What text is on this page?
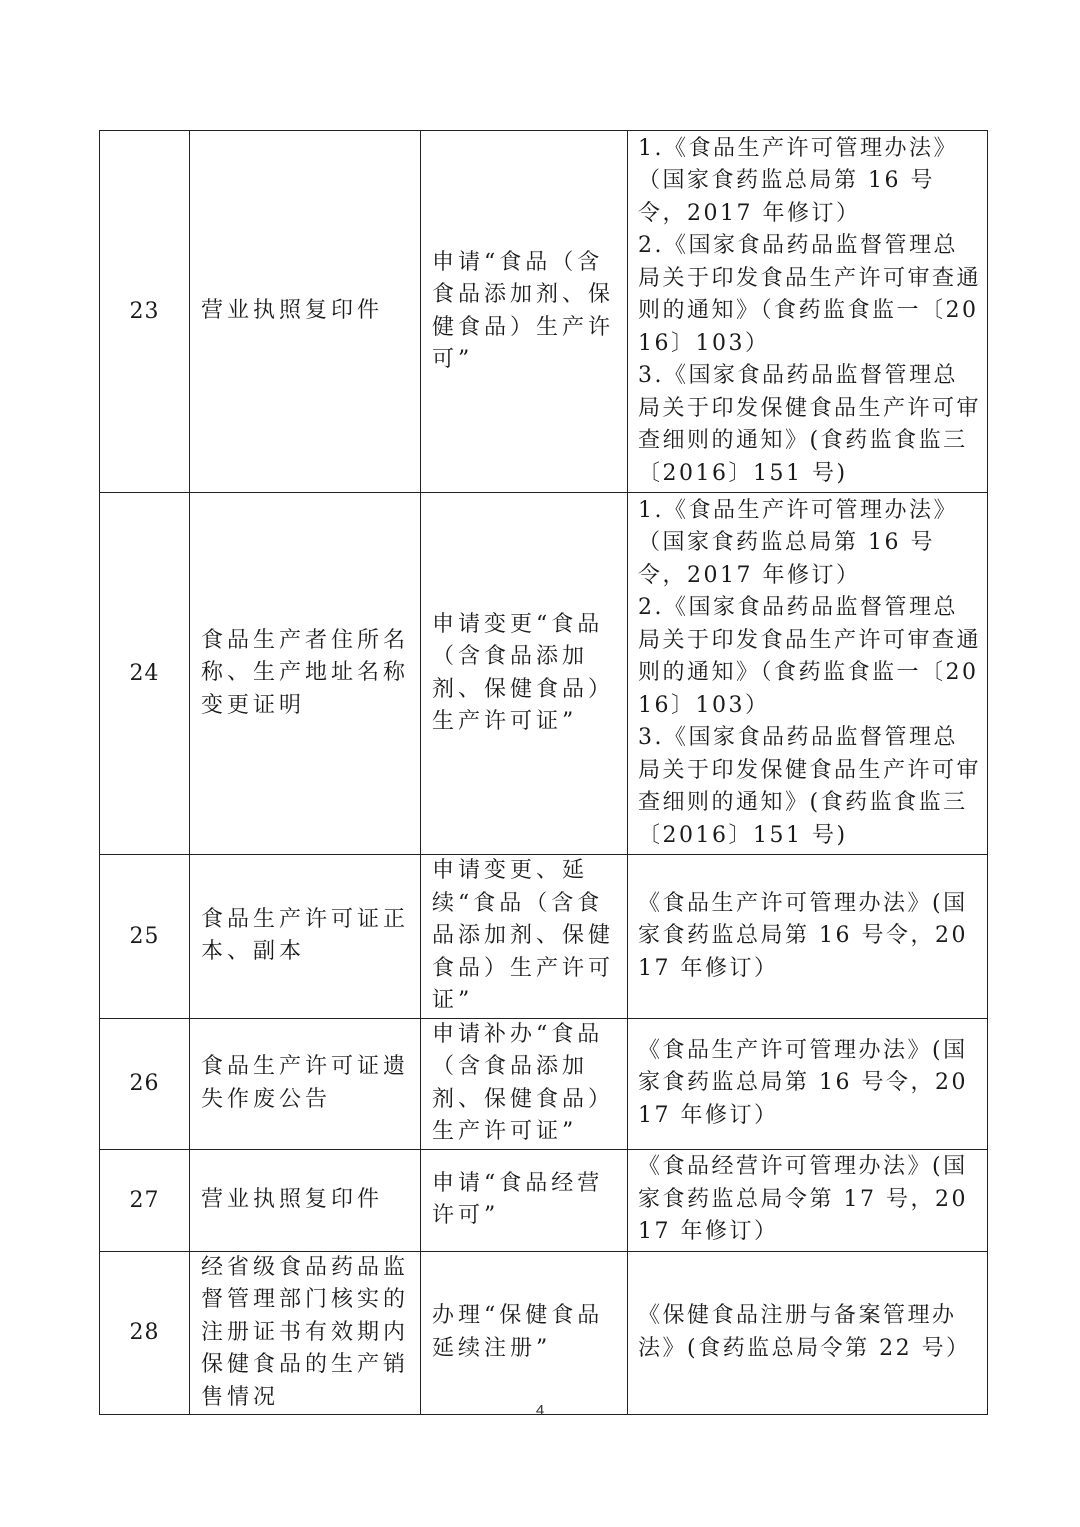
23	营业执照复印件	申请“食品（含食品添加剂、保健食品）生产许可”	1.《食品生产许可管理办法》（国家食药监总局第 16 号令，2017 年修订）
2.《国家食品药品监督管理总局关于印发食品生产许可审查通则的通知》（食药监食监一〔2016〕103）
3.《国家食品药品监督管理总局关于印发保健食品生产许可审查细则的通知》(食药监食监三〔2016〕151 号)

24	食品生产者住所名称、生产地址名称变更证明	申请变更“食品（含食品添加剂、保健食品）生产许可证”	1.《食品生产许可管理办法》（国家食药监总局第 16 号令，2017 年修订）
2.《国家食品药品监督管理总局关于印发食品生产许可审查通则的通知》（食药监食监一〔2016〕103）
3.《国家食品药品监督管理总局关于印发保健食品生产许可审查细则的通知》(食药监食监三〔2016〕151 号)

25	食品生产许可证正本、副本	申请变更、延续“食品（含食品添加剂、保健食品）生产许可证”	《食品生产许可管理办法》(国家食药监总局第 16 号令，2017 年修订）

26	食品生产许可证遗失作废公告	申请补办“食品（含食品添加剂、保健食品）生产许可证”	《食品生产许可管理办法》(国家食药监总局第 16 号令，2017 年修订）

27	营业执照复印件	申请“食品经营许可”	《食品经营许可管理办法》(国家食药监总局令第 17 号，2017 年修订）

28	经省级食品药品监督管理部门核实的注册证书有效期内保健食品的生产销售情况	办理“保健食品延续注册”	《保健食品注册与备案管理办法》(食药监总局令第 22 号）
4
